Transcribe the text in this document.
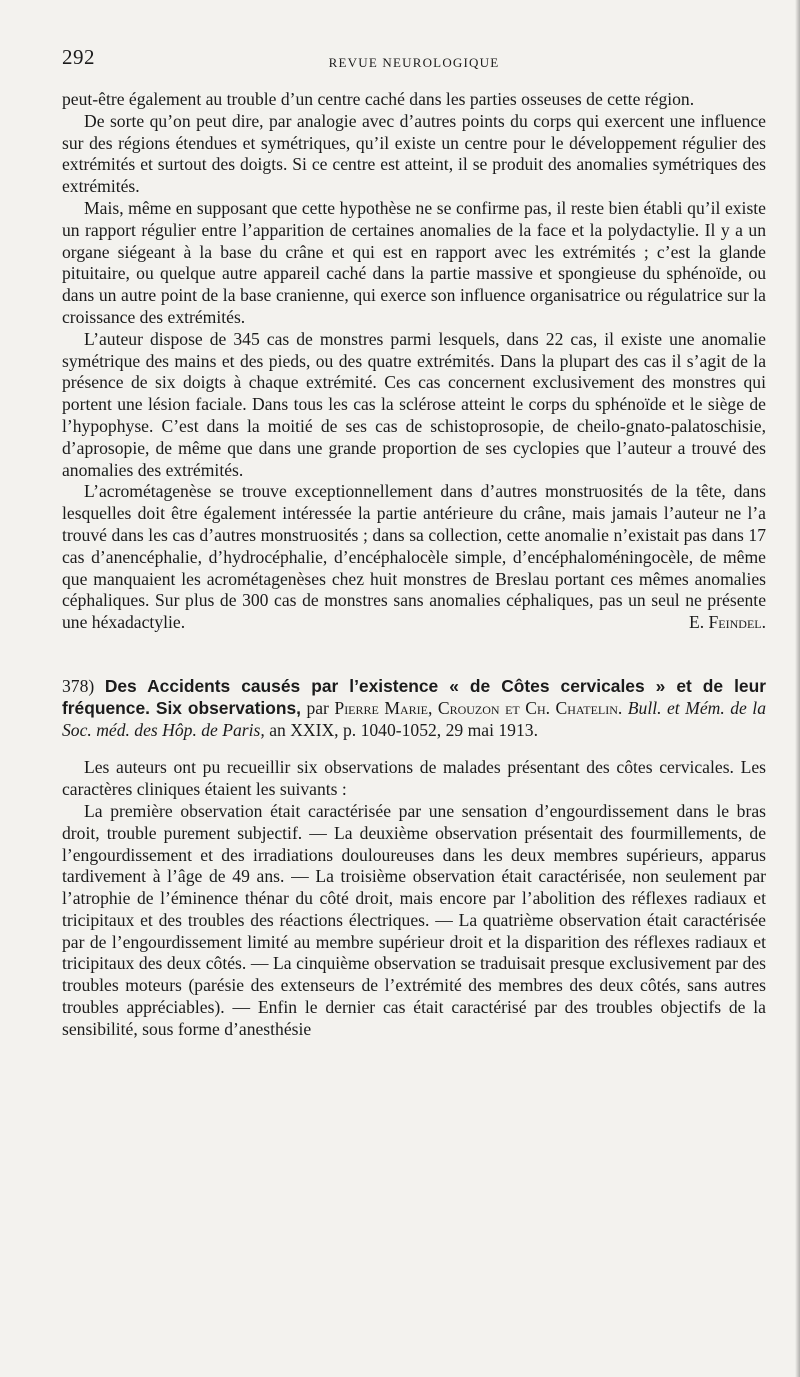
292	REVUE NEUROLOGIQUE

peut-être également au trouble d’un centre caché dans les parties osseuses de cette région.

De sorte qu’on peut dire, par analogie avec d’autres points du corps qui exercent une influence sur des régions étendues et symétriques, qu’il existe un centre pour le développement régulier des extrémités et surtout des doigts. Si ce centre est atteint, il se produit des anomalies symétriques des extrémités.

Mais, même en supposant que cette hypothèse ne se confirme pas, il reste bien établi qu’il existe un rapport régulier entre l’apparition de certaines anomalies de la face et la polydactylie. Il y a un organe siégeant à la base du crâne et qui est en rapport avec les extrémités ; c’est la glande pituitaire, ou quelque autre appareil caché dans la partie massive et spongieuse du sphénoïde, ou dans un autre point de la base cranienne, qui exerce son influence organisatrice ou régulatrice sur la croissance des extrémités.

L’auteur dispose de 345 cas de monstres parmi lesquels, dans 22 cas, il existe une anomalie symétrique des mains et des pieds, ou des quatre extrémités. Dans la plupart des cas il s’agit de la présence de six doigts à chaque extrémité. Ces cas concernent exclusivement des monstres qui portent une lésion faciale. Dans tous les cas la sclérose atteint le corps du sphénoïde et le siège de l’hypophyse. C’est dans la moitié de ses cas de schistoprosopie, de cheilo-gnato-palatoschisie, d’aprosopie, de même que dans une grande proportion de ses cyclopies que l’auteur a trouvé des anomalies des extrémités.

L’acrométagenèse se trouve exceptionnellement dans d’autres monstruosités de la tête, dans lesquelles doit être également intéressée la partie antérieure du crâne, mais jamais l’auteur ne l’a trouvé dans les cas d’autres monstruosités ; dans sa collection, cette anomalie n’existait pas dans 17 cas d’anencéphalie, d’hydrocéphalie, d’encéphalocèle simple, d’encéphaloméningocèle, de même que manquaient les acrométagenèses chez huit monstres de Breslau portant ces mêmes anomalies céphaliques. Sur plus de 300 cas de monstres sans anomalies céphaliques, pas un seul ne présente une héxadactylie.	E. Feindel.
378) Des Accidents causés par l’existence « de Côtes cervicales » et de leur fréquence. Six observations, par Pierre Marie, Crouzon et Ch. Chatelin. Bull. et Mém. de la Soc. méd. des Hôp. de Paris, an XXIX, p. 1040-1052, 29 mai 1913.

Les auteurs ont pu recueillir six observations de malades présentant des côtes cervicales. Les caractères cliniques étaient les suivants :

La première observation était caractérisée par une sensation d’engourdissement dans le bras droit, trouble purement subjectif. — La deuxième observation présentait des fourmillements, de l’engourdissement et des irradiations douloureuses dans les deux membres supérieurs, apparus tardivement à l’âge de 49 ans. — La troisième observation était caractérisée, non seulement par l’atrophie de l’éminence thénar du côté droit, mais encore par l’abolition des réflexes radiaux et tricipitaux et des troubles des réactions électriques. — La quatrième observation était caractérisée par de l’engourdissement limité au membre supérieur droit et la disparition des réflexes radiaux et tricipitaux des deux côtés. — La cinquième observation se traduisait presque exclusivement par des troubles moteurs (parésie des extenseurs de l’extrémité des membres des deux côtés, sans autres troubles appréciables). — Enfin le dernier cas était caractérisé par des troubles objectifs de la sensibilité, sous forme d’anesthésie
